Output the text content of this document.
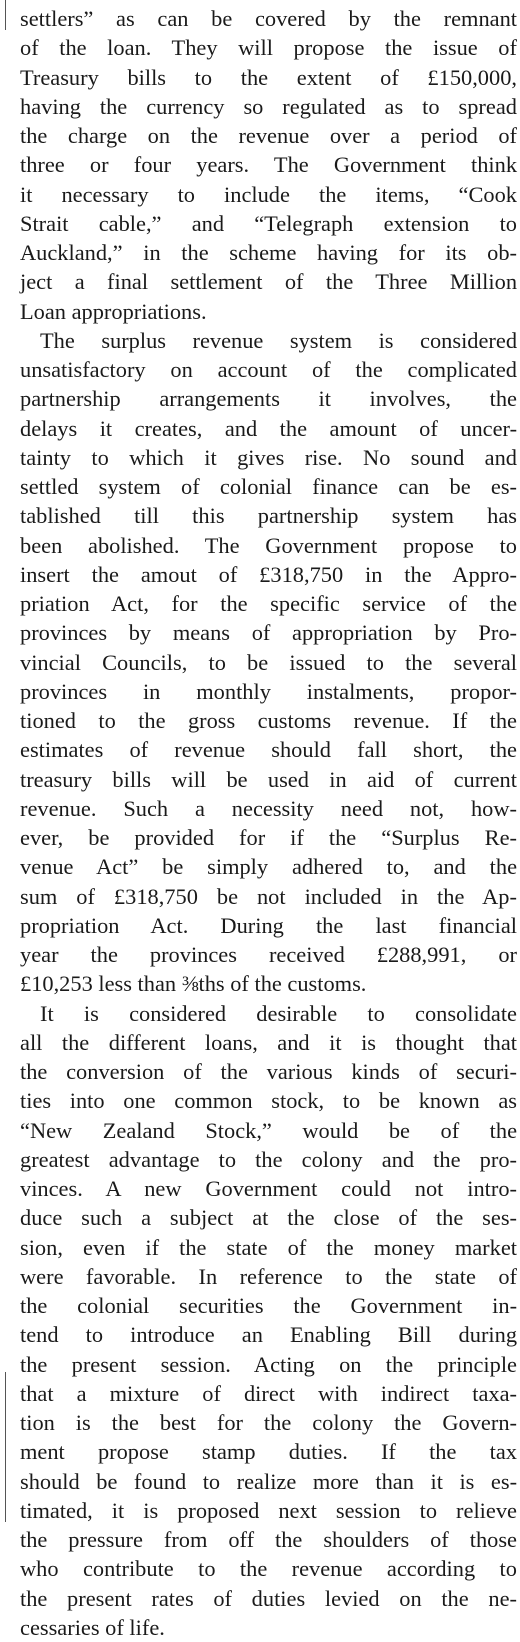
settlers” as can be covered by the remnant
of the loan. They will propose the issue of
Treasury bills to the extent of £150,000,
having the currency so regulated as to spread
the charge on the revenue over a period of
three or four years. The Government think
it necessary to include the items, “Cook
Strait cable,” and “Telegraph extension to
Auckland,” in the scheme having for its ob-
ject a final settlement of the Three Million
Loan appropriations.
The surplus revenue system is considered
unsatisfactory on account of the complicated
partnership arrangements it involves, the
delays it creates, and the amount of uncer-
tainty to which it gives rise. No sound and
settled system of colonial finance can be es-
tablished till this partnership system has
been abolished. The Government propose to
insert the amout of £318,750 in the Appro-
priation Act, for the specific service of the
provinces by means of appropriation by Pro-
vincial Councils, to be issued to the several
provinces in monthly instalments, propor-
tioned to the gross customs revenue. If the
estimates of revenue should fall short, the
treasury bills will be used in aid of current
revenue. Such a necessity need not, how-
ever, be provided for if the “Surplus Re-
venue Act” be simply adhered to, and the
sum of £318,750 be not included in the Ap-
propriation Act. During the last financial
year the provinces received £288,991, or
£10,253 less than ⅜ths of the customs.
It is considered desirable to consolidate
all the different loans, and it is thought that
the conversion of the various kinds of securi-
ties into one common stock, to be known as
“New Zealand Stock,” would be of the
greatest advantage to the colony and the pro-
vinces. A new Government could not intro-
duce such a subject at the close of the ses-
sion, even if the state of the money market
were favorable. In reference to the state of
the colonial securities the Government in-
tend to introduce an Enabling Bill during
the present session. Acting on the principle
that a mixture of direct with indirect taxa-
tion is the best for the colony the Govern-
ment propose stamp duties. If the tax
should be found to realize more than it is es-
timated, it is proposed next session to relieve
the pressure from off the shoulders of those
who contribute to the revenue according to
the present rates of duties levied on the ne-
cessaries of life.
